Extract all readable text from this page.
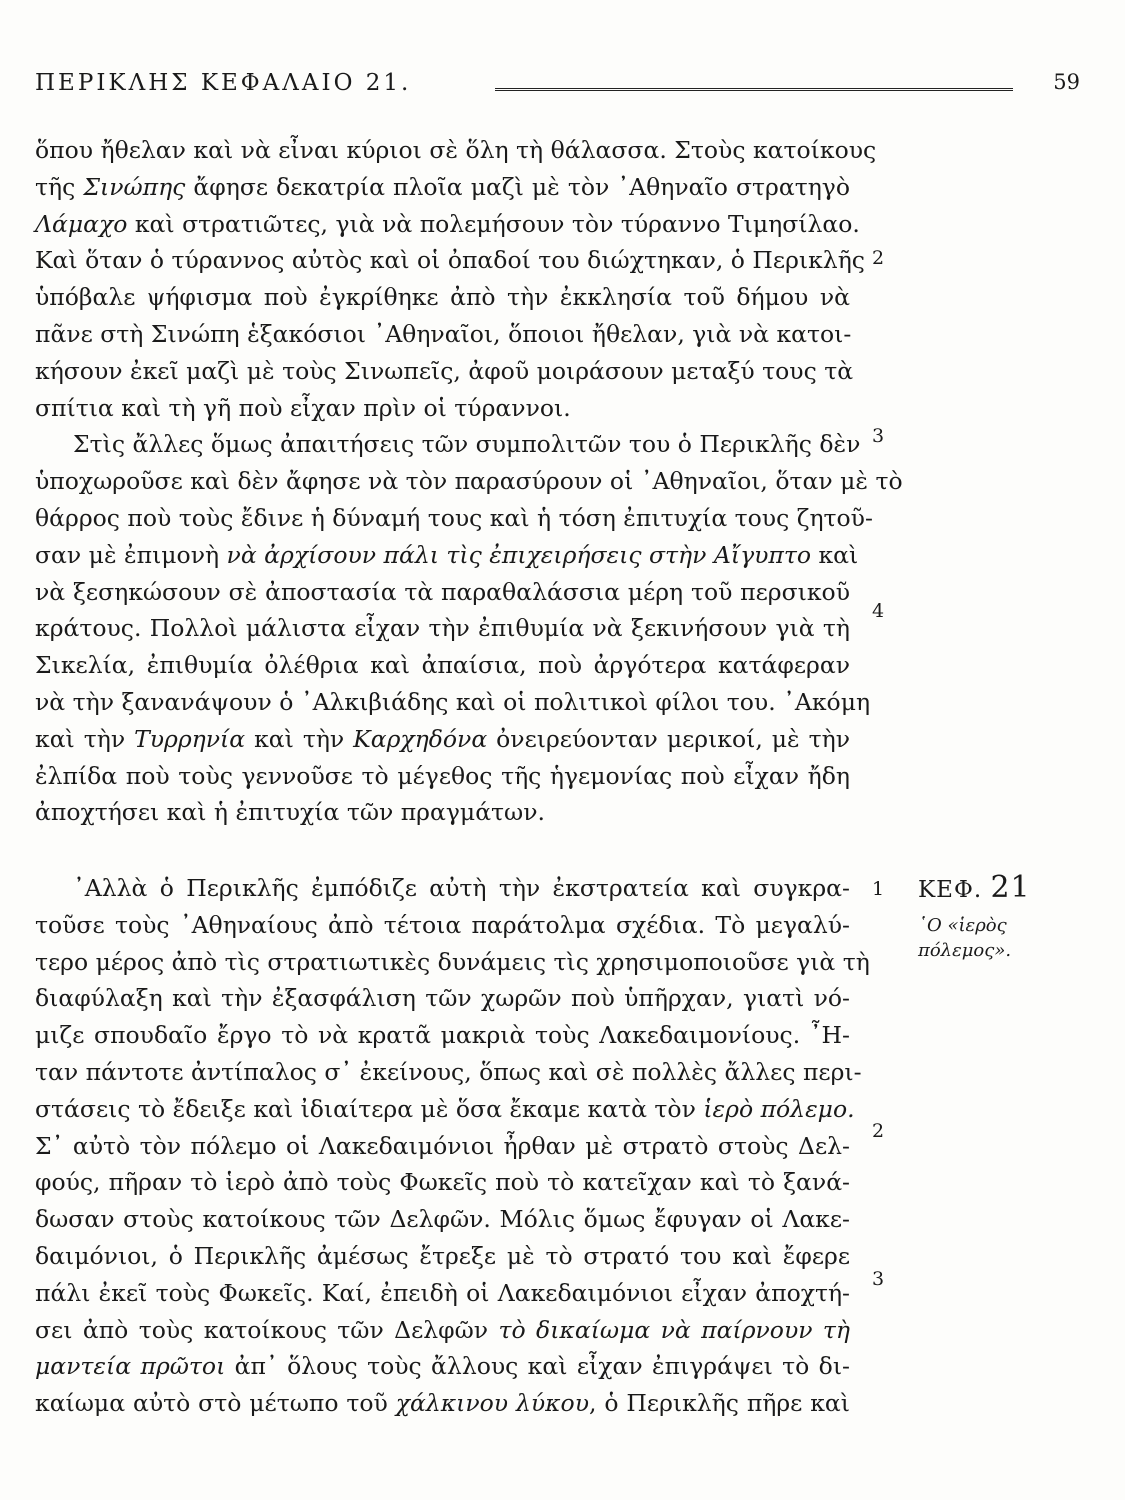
ΠΕΡΙΚΛΗΣ ΚΕΦΑΛΑΙΟ 21.	59
ὅπου ἤθελαν καὶ νὰ εἶναι κύριοι σὲ ὅλη τὴ θάλασσα. Στοὺς κατοίκους
τῆς Σινώπης ἄφησε δεκατρία πλοῖα μαζὶ μὲ τὸν ᾿Αθηναῖο στρατηγὸ
Λάμαχο καὶ στρατιῶτες, γιὰ νὰ πολεμήσουν τὸν τύραννο Τιμησίλαο.
Καὶ ὅταν ὁ τύραννος αὐτὸς καὶ οἱ ὀπαδοί του διώχτηκαν, ὁ Περικλῆς
ὑπόβαλε ψήφισμα ποὺ ἐγκρίθηκε ἀπὸ τὴν ἐκκλησία τοῦ δήμου νὰ
πᾶνε στὴ Σινώπη ἑξακόσιοι ᾿Αθηναῖοι, ὅποιοι ἤθελαν, γιὰ νὰ κατοι-
κήσουν ἐκεῖ μαζὶ μὲ τοὺς Σινωπεῖς, ἀφοῦ μοιράσουν μεταξύ τους τὰ
σπίτια καὶ τὴ γῆ ποὺ εἶχαν πρὶν οἱ τύραννοι.
Στὶς ἄλλες ὅμως ἀπαιτήσεις τῶν συμπολιτῶν του ὁ Περικλῆς δὲν
ὑποχωροῦσε καὶ δὲν ἄφησε νὰ τὸν παρασύρουν οἱ ᾿Αθηναῖοι, ὅταν μὲ τὸ
θάρρος ποὺ τοὺς ἔδινε ἡ δύναμή τους καὶ ἡ τόση ἐπιτυχία τους ζητοῦ-
σαν μὲ ἐπιμονὴ νὰ ἀρχίσουν πάλι τὶς ἐπιχειρήσεις στὴν Αἴγυπτο καὶ
νὰ ξεσηκώσουν σὲ ἀποστασία τὰ παραθαλάσσια μέρη τοῦ περσικοῦ
κράτους. Πολλοὶ μάλιστα εἶχαν τὴν ἐπιθυμία νὰ ξεκινήσουν γιὰ τὴ
Σικελία, ἐπιθυμία ὀλέθρια καὶ ἀπαίσια, ποὺ ἀργότερα κατάφεραν
νὰ τὴν ξανανάψουν ὁ ᾿Αλκιβιάδης καὶ οἱ πολιτικοὶ φίλοι του. ᾿Ακόμη
καὶ τὴν Τυρρηνία καὶ τὴν Καρχηδόνα ὀνειρεύονταν μερικοί, μὲ τὴν
ἐλπίδα ποὺ τοὺς γεννοῦσε τὸ μέγεθος τῆς ἡγεμονίας ποὺ εἶχαν ἤδη
ἀποχτήσει καὶ ἡ ἐπιτυχία τῶν πραγμάτων.
2
3
4
᾿Αλλὰ ὁ Περικλῆς ἐμπόδιζε αὐτὴ τὴν ἐκστρατεία καὶ συγκρα-
τοῦσε τοὺς ᾿Αθηναίους ἀπὸ τέτοια παράτολμα σχέδια. Τὸ μεγαλύ-
τερο μέρος ἀπὸ τὶς στρατιωτικὲς δυνάμεις τὶς χρησιμοποιοῦσε γιὰ τὴ
διαφύλαξη καὶ τὴν ἐξασφάλιση τῶν χωρῶν ποὺ ὑπῆρχαν, γιατὶ νό-
μιζε σπουδαῖο ἔργο τὸ νὰ κρατᾶ μακριὰ τοὺς Λακεδαιμονίους. ῏Η-
ταν πάντοτε ἀντίπαλος σ᾿ ἐκείνους, ὅπως καὶ σὲ πολλὲς ἄλλες περι-
στάσεις τὸ ἔδειξε καὶ ἰδιαίτερα μὲ ὅσα ἔκαμε κατὰ τὸν ἱερὸ πόλεμο.
Σ᾿ αὐτὸ τὸν πόλεμο οἱ Λακεδαιμόνιοι ἦρθαν μὲ στρατὸ στοὺς Δελ-
φούς, πῆραν τὸ ἱερὸ ἀπὸ τοὺς Φωκεῖς ποὺ τὸ κατεῖχαν καὶ τὸ ξανά-
δωσαν στοὺς κατοίκους τῶν Δελφῶν. Μόλις ὅμως ἔφυγαν οἱ Λακε-
δαιμόνιοι, ὁ Περικλῆς ἀμέσως ἔτρεξε μὲ τὸ στρατό του καὶ ἔφερε
πάλι ἐκεῖ τοὺς Φωκεῖς. Καί, ἐπειδὴ οἱ Λακεδαιμόνιοι εἶχαν ἀποχτή-
σει ἀπὸ τοὺς κατοίκους τῶν Δελφῶν τὸ δικαίωμα νὰ παίρνουν τὴ
μαντεία πρῶτοι ἀπ᾿ ὅλους τοὺς ἄλλους καὶ εἶχαν ἐπιγράψει τὸ δι-
καίωμα αὐτὸ στὸ μέτωπο τοῦ χάλκινου λύκου, ὁ Περικλῆς πῆρε καὶ
1
2
3
ΚΕΦ. 21
῾Ο «ἱερὸς πόλεμος».
